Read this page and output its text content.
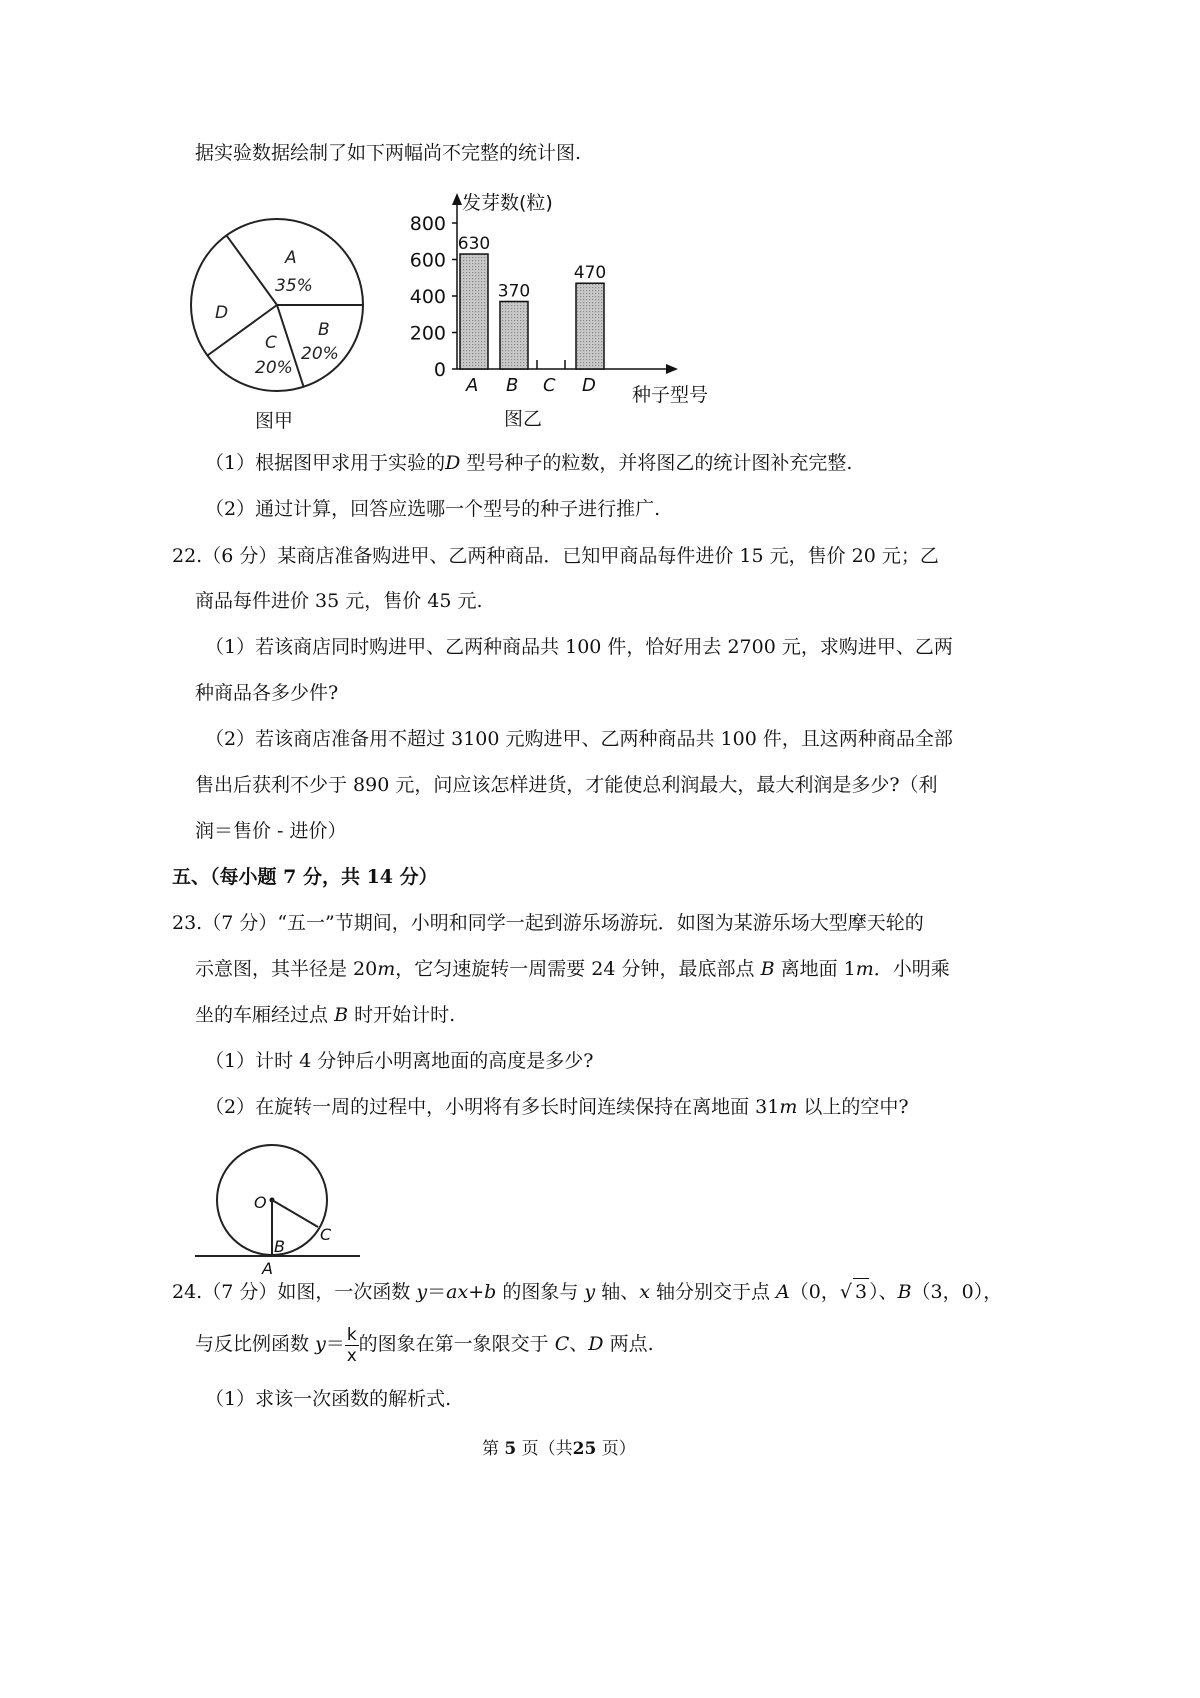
据实验数据绘制了如下两幅尚不完整的统计图.
A
35%
B
20%
C
20%
D
图甲
发芽数(粒)
0
200
400
600
800
630
A
370
B C
470
D 种子型号
图乙
（1）根据图甲求用于实验的D 型号种子的粒数，并将图乙的统计图补充完整.
（2）通过计算，回答应选哪一个型号的种子进行推广.
22.（6 分）某商店准备购进甲、乙两种商品．已知甲商品每件进价 15 元，售价 20 元；乙
商品每件进价 35 元，售价 45 元.
（1）若该商店同时购进甲、乙两种商品共 100 件，恰好用去 2700 元，求购进甲、乙两
种商品各多少件?
（2）若该商店准备用不超过 3100 元购进甲、乙两种商品共 100 件，且这两种商品全部
售出后获利不少于 890 元，问应该怎样进货，才能使总利润最大，最大利润是多少?（利
润＝售价 - 进价）
五、（每小题 7 分，共 14 分）
23.（7 分）“五一”节期间，小明和同学一起到游乐场游玩．如图为某游乐场大型摩天轮的
示意图，其半径是 20m，它匀速旋转一周需要 24 分钟，最底部点 B 离地面 1m．小明乘
坐的车厢经过点 B 时开始计时.
（1）计时 4 分钟后小明离地面的高度是多少?
（2）在旋转一周的过程中，小明将有多长时间连续保持在离地面 31m 以上的空中?
O
C
B
A
24.（7 分）如图，一次函数 y＝ax+b 的图象与 y 轴、x 轴分别交于点 A（0，√ 3 ）、B（3，0），
与反比例函数 $y= \frac{k}{x}$ 的图象在第一象限交于 C、D 两点.
（1）求该一次函数的解析式.
第 5 页（共25 页）
